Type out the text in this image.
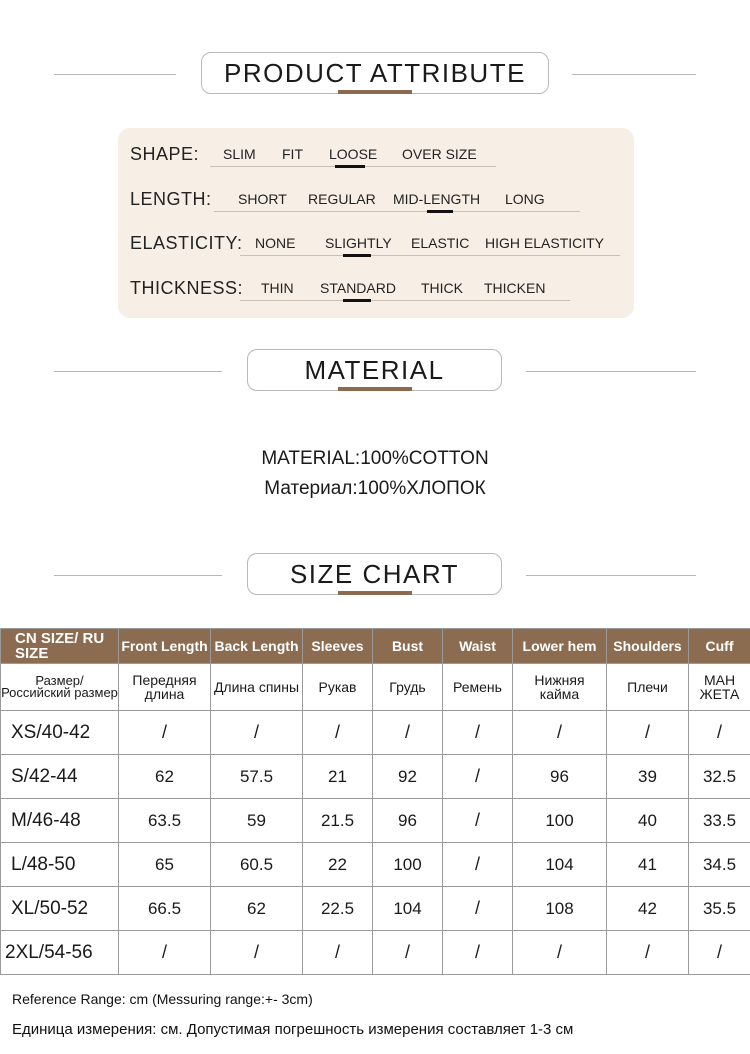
PRODUCT ATTRIBUTE
SHAPE: SLIM FIT LOOSE OVER SIZE
LENGTH: SHORT REGULAR MID-LENGTH LONG
ELASTICITY: NONE SLIGHTLY ELASTIC HIGH ELASTICITY
THICKNESS: THIN STANDARD THICK THICKEN
MATERIAL
MATERIAL:100%COTTON
Материал:100%ХЛОПОК
SIZE CHART
CN SIZE/ RU SIZE	Front Length	Back Length	Sleeves	Bust	Waist	Lower hem	Shoulders	Cuff
Размер/ Российский размер	Передняя длина	Длина спины	Рукав	Грудь	Ремень	Нижняя кайма	Плечи	МАН ЖЕТА
XS/40-42	/	/	/	/	/	/	/	/
S/42-44	62	57.5	21	92	/	96	39	32.5
M/46-48	63.5	59	21.5	96	/	100	40	33.5
L/48-50	65	60.5	22	100	/	104	41	34.5
XL/50-52	66.5	62	22.5	104	/	108	42	35.5
2XL/54-56	/	/	/	/	/	/	/	/
Reference Range: cm (Messuring range:+- 3cm)
Единица измерения: см. Допустимая погрешность измерения составляет 1-3 см
